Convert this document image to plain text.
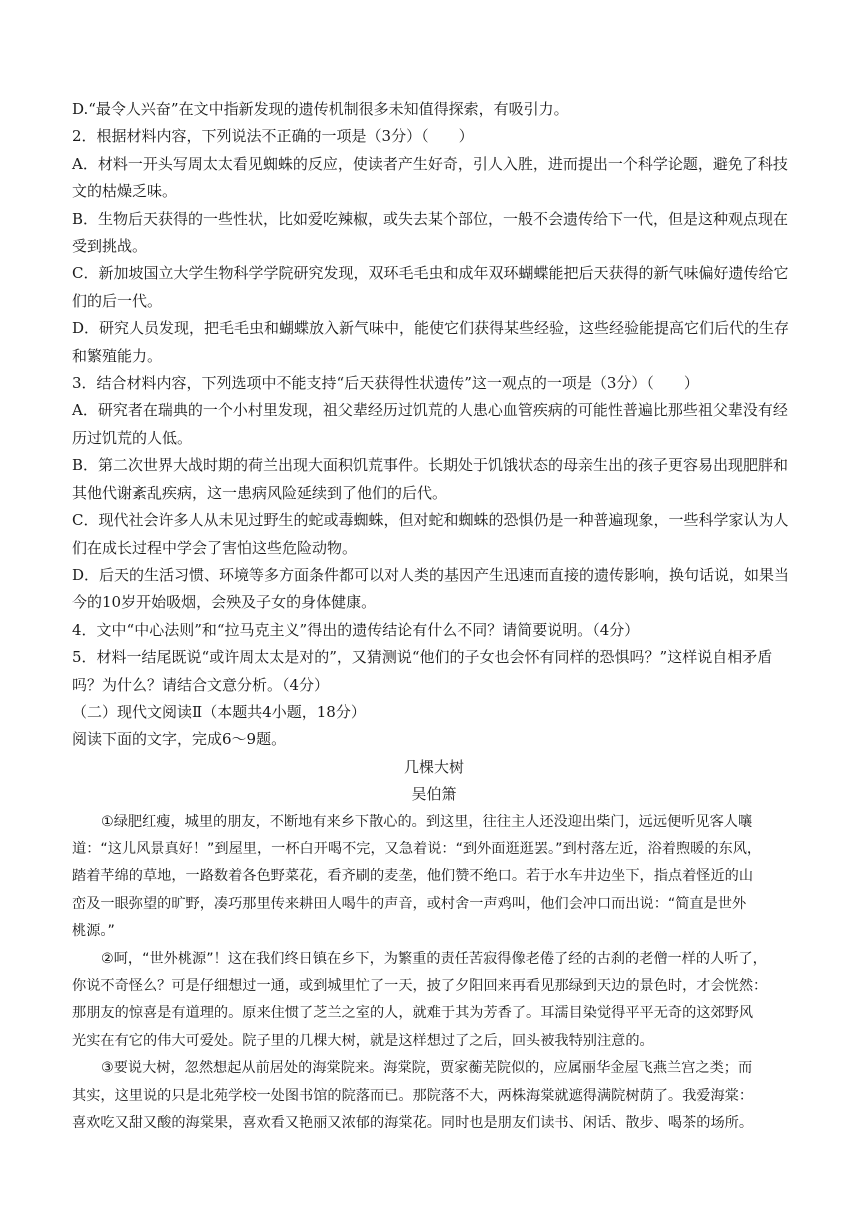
D.“最令人兴奋”在文中指新发现的遗传机制很多未知值得探索，有吸引力。
2．根据材料内容，下列说法不正确的一项是（3分）（　　）
A．材料一开头写周太太看见蜘蛛的反应，使读者产生好奇，引人入胜，进而提出一个科学论题，避免了科技
文的枯燥乏味。
B．生物后天获得的一些性状，比如爱吃辣椒，或失去某个部位，一般不会遗传给下一代，但是这种观点现在
受到挑战。
C．新加坡国立大学生物科学学院研究发现，双环毛毛虫和成年双环蝴蝶能把后天获得的新气味偏好遗传给它
们的后一代。
D．研究人员发现，把毛毛虫和蝴蝶放入新气味中，能使它们获得某些经验，这些经验能提高它们后代的生存
和繁殖能力。
3．结合材料内容，下列选项中不能支持“后天获得性状遗传”这一观点的一项是（3分）（　　）
A．研究者在瑞典的一个小村里发现，祖父辈经历过饥荒的人患心血管疾病的可能性普遍比那些祖父辈没有经
历过饥荒的人低。
B．第二次世界大战时期的荷兰出现大面积饥荒事件。长期处于饥饿状态的母亲生出的孩子更容易出现肥胖和
其他代谢紊乱疾病，这一患病风险延续到了他们的后代。
C．现代社会许多人从未见过野生的蛇或毒蜘蛛，但对蛇和蜘蛛的恐惧仍是一种普遍现象，一些科学家认为人
们在成长过程中学会了害怕这些危险动物。
D．后天的生活习惯、环境等多方面条件都可以对人类的基因产生迅速而直接的遗传影响，换句话说，如果当
今的10岁开始吸烟，会殃及子女的身体健康。
4．文中“中心法则”和“拉马克主义”得出的遗传结论有什么不同？请简要说明。（4分）
5．材料一结尾既说“或许周太太是对的”，又猜测说“他们的子女也会怀有同样的恐惧吗？”这样说自相矛盾
吗？为什么？请结合文意分析。（4分）
（二）现代文阅读Ⅱ（本题共4小题，18分）
阅读下面的文字，完成6～9题。
几棵大树
吴伯箫
①绿肥红瘦，城里的朋友，不断地有来乡下散心的。到这里，往往主人还没迎出柴门，远远便听见客人嚷
道：“这儿风景真好！”到屋里，一杯白开喝不完，又急着说：“到外面逛逛罢。”到村落左近，浴着煦暖的东风，
踏着芊绵的草地，一路数着各色野菜花，看齐刷的麦垄，他们赞不绝口。若于水车井边坐下，指点着怪近的山
峦及一眼弥望的旷野，凑巧那里传来耕田人喝牛的声音，或村舍一声鸡叫，他们会冲口而出说：“简直是世外
桃源。”
②呵，“世外桃源”！这在我们终日镇在乡下，为繁重的责任苦寂得像老倦了经的古刹的老僧一样的人听了，
你说不奇怪么？可是仔细想过一通，或到城里忙了一天，披了夕阳回来再看见那绿到天边的景色时，才会恍然：
那朋友的惊喜是有道理的。原来住惯了芝兰之室的人，就难于其为芳香了。耳濡目染觉得平平无奇的这郊野风
光实在有它的伟大可爱处。院子里的几棵大树，就是这样想过了之后，回头被我特别注意的。
③要说大树，忽然想起从前居处的海棠院来。海棠院，贾家蘅芜院似的，应属丽华金屋飞燕兰宫之类；而
其实，这里说的只是北苑学校一处图书馆的院落而已。那院落不大，两株海棠就遮得满院树荫了。我爱海棠：
喜欢吃又甜又酸的海棠果，喜欢看又艳丽又浓郁的海棠花。同时也是朋友们读书、闲话、散步、喝茶的场所。
